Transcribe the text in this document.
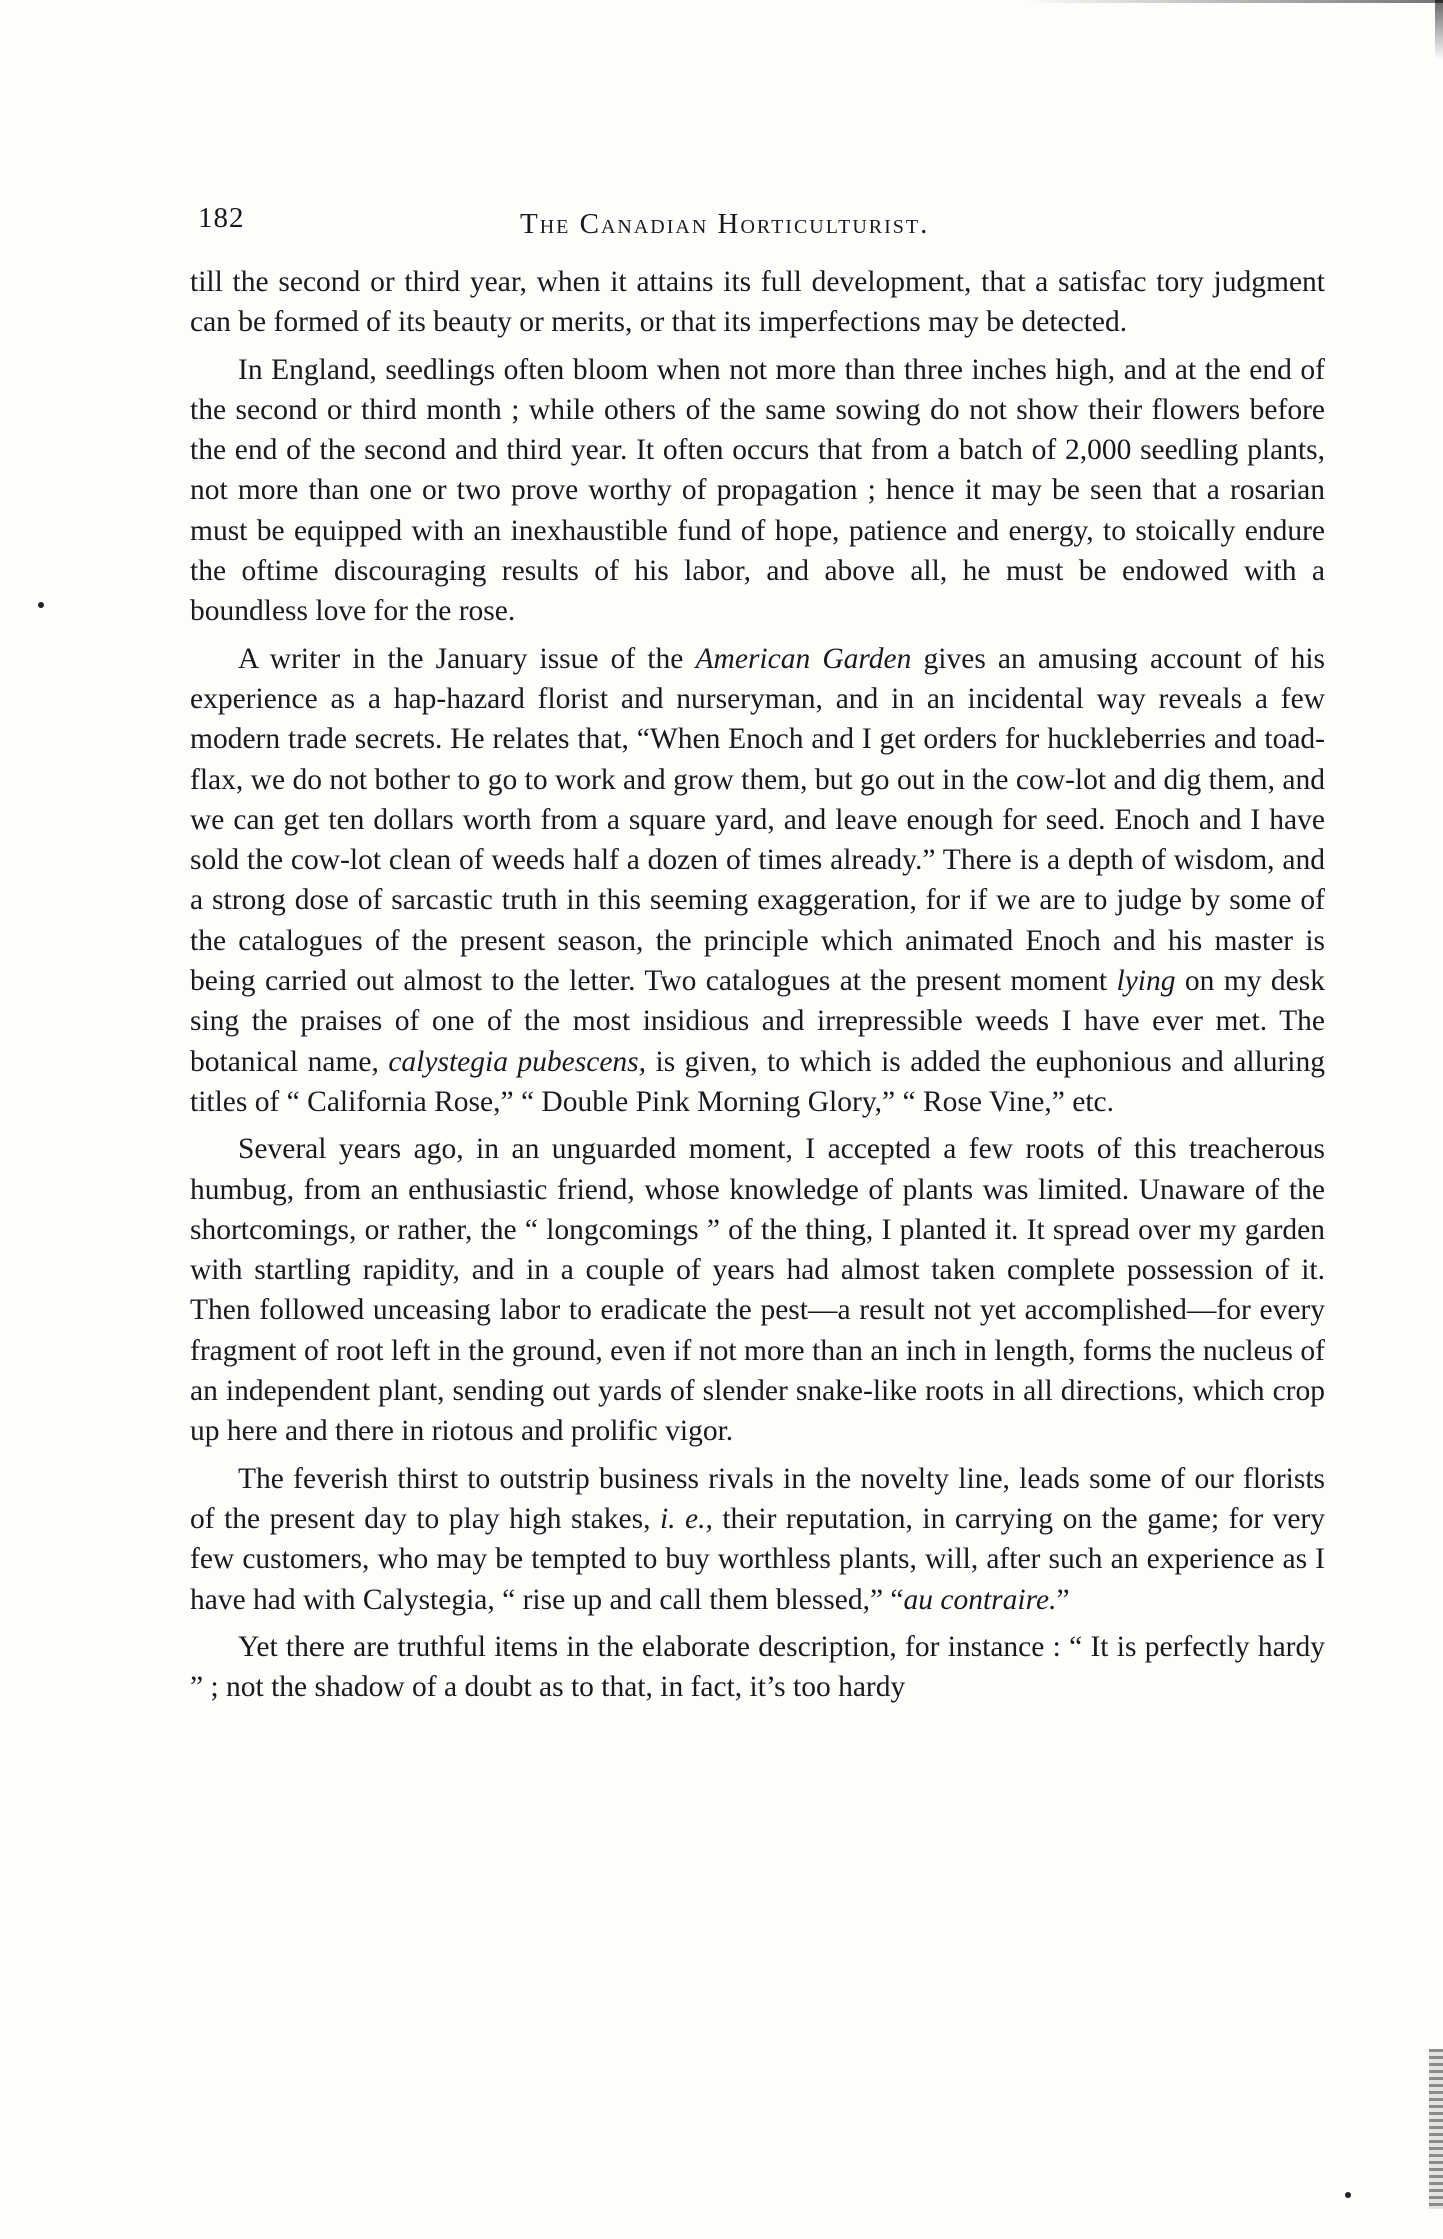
182	The Canadian Horticulturist.

till the second or third year, when it attains its full development, that a satisfac tory judgment can be formed of its beauty or merits, or that its imperfections may be detected.

In England, seedlings often bloom when not more than three inches high, and at the end of the second or third month ; while others of the same sowing do not show their flowers before the end of the second and third year. It often occurs that from a batch of 2,000 seedling plants, not more than one or two prove worthy of propagation ; hence it may be seen that a rosarian must be equipped with an inexhaustible fund of hope, patience and energy, to stoically endure the oftime discouraging results of his labor, and above all, he must be endowed with a boundless love for the rose.

A writer in the January issue of the American Garden gives an amusing account of his experience as a hap-hazard florist and nurseryman, and in an incidental way reveals a few modern trade secrets. He relates that, “When Enoch and I get orders for huckleberries and toad-flax, we do not bother to go to work and grow them, but go out in the cow-lot and dig them, and we can get ten dollars worth from a square yard, and leave enough for seed. Enoch and I have sold the cow-lot clean of weeds half a dozen of times already.” There is a depth of wisdom, and a strong dose of sarcastic truth in this seeming exaggeration, for if we are to judge by some of the catalogues of the present season, the principle which animated Enoch and his master is being carried out almost to the letter. Two catalogues at the present moment lying on my desk sing the praises of one of the most insidious and irrepressible weeds I have ever met. The botanical name, calystegia pubescens, is given, to which is added the euphonious and alluring titles of “ California Rose,” “ Double Pink Morning Glory,” “ Rose Vine,” etc.

Several years ago, in an unguarded moment, I accepted a few roots of this treacherous humbug, from an enthusiastic friend, whose knowledge of plants was limited. Unaware of the shortcomings, or rather, the “ longcomings ” of the thing, I planted it. It spread over my garden with startling rapidity, and in a couple of years had almost taken complete possession of it. Then followed unceasing labor to eradicate the pest—a result not yet accomplished—for every fragment of root left in the ground, even if not more than an inch in length, forms the nucleus of an independent plant, sending out yards of slender snake-like roots in all directions, which crop up here and there in riotous and prolific vigor.

The feverish thirst to outstrip business rivals in the novelty line, leads some of our florists of the present day to play high stakes, i. e., their reputation, in carrying on the game; for very few customers, who may be tempted to buy worthless plants, will, after such an experience as I have had with Calystegia, “ rise up and call them blessed,” “au contraire.”

Yet there are truthful items in the elaborate description, for instance : “ It is perfectly hardy ” ; not the shadow of a doubt as to that, in fact, it’s too hardy
